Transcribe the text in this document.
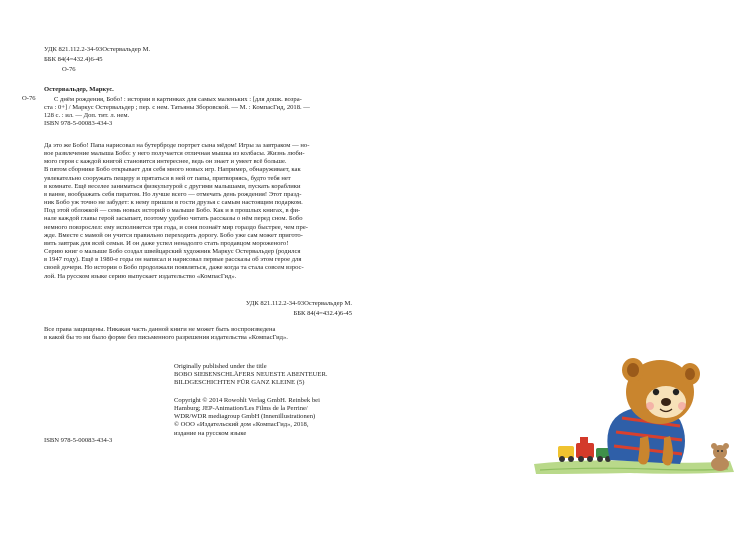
УДК 821.112.2-34-93Остервальдер М.
ББК 84(4=432.4)6-45
О-76
О-76
Остервальдер, Маркус.
С днём рождения, Бобо! : истории в картинках для самых маленьких : [для дошк. возра-
ста : 0+] / Маркус Остервальдер ; пер. с нем. Татьяны Зборовской. — М. : КомпасГид, 2018. —
128 с. : ил. — Доп. тит. л. нем.
ISBN 978-5-00083-434-3
Да это же Бобо! Папа нарисовал на бутерброде портрет сына мёдом! Игры за завтраком — но-
вое развлечение малыша Бобо: у него получается отличная мышка из колбасы. Жизнь люби-
мого героя с каждой книгой становится интереснее, ведь он знает и умеет всё больше.
В пятом сборнике Бобо открывает для себя много новых игр. Например, обнаруживает, как
увлекательно сооружать пещеру и прятаться в ней от папы, притворяясь, будто тебя нет
в комнате. Ещё веселее заниматься физкультурой с другими малышами, пускать кораблики
в ванне, воображать себя пиратом. Но лучше всего — отмечать день рождения! Этот празд-
ник Бобо уж точно не забудет: к нему пришли в гости друзья с самым настоящим подарком.
Под этой обложкой — семь новых историй о малыше Бобо. Как и в прошлых книгах, в фи-
нале каждой главы герой засыпает, поэтому удобно читать рассказы о нём перед сном. Бобо
немного повзрослел: ему исполняется три года, и соня познаёт мир гораздо быстрее, чем пре-
жде. Вместе с мамой он учится правильно переходить дорогу. Бобо уже сам может пригото-
вить завтрак для всей семьи. И он даже успел ненадолго стать продавцом мороженого!
Серию книг о малыше Бобо создал швейцарский художник Маркус Остервальдер (родился
в 1947 году). Ещё в 1980-е годы он написал и нарисовал первые рассказы об этом герое для
своей дочери. Но истории о Бобо продолжали появляться, даже когда та стала совсем взрос-
лой. На русском языке серию выпускает издательство «КомпасГид».
УДК 821.112.2-34-93Остервальдер М.
ББК 84(4=432.4)6-45
Все права защищены. Никакая часть данной книги не может быть воспроизведена
в какой бы то ни было форме без письменного разрешения издательства «КомпасГид».
Originally published under the title
BOBO SIEBENSCHLÄFERS NEUESTE ABENTEUER.
BILDGESCHICHTEN FÜR GANZ KLEINE (5)
Copyright © 2014 Rowohlt Verlag GmbH. Reinbek bei
Hamburg; JEP-Animation/Les Films de la Perrine/
WDR/WDR mediagroup GmbH (Innenillustrationen)
© ООО «Издательский дом «КомпасГид», 2018,
издание на русском языке
ISBN 978-5-00083-434-3
